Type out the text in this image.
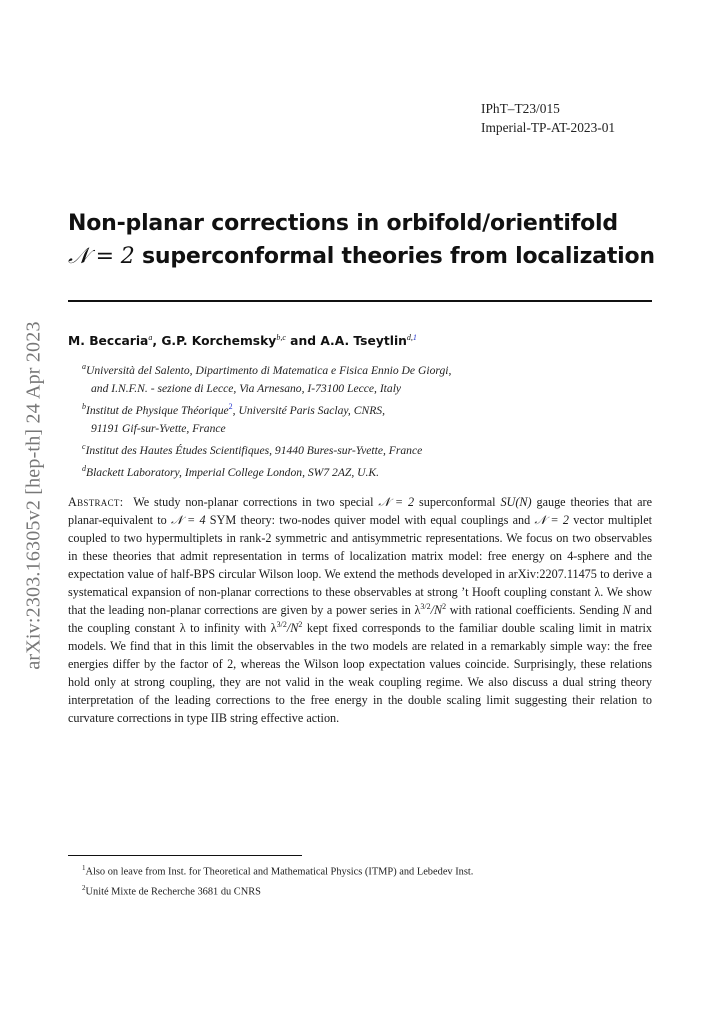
arXiv:2303.16305v2 [hep-th] 24 Apr 2023
IPhT–T23/015
Imperial-TP-AT-2023-01
Non-planar corrections in orbifold/orientifold
𝒩 = 2 superconformal theories from localization
M. Beccaria$^a$, G.P. Korchemsky$^{b,c}$ and A.A. Tseytlin$^{d,1}$
$^a$Università del Salento, Dipartimento di Matematica e Fisica Ennio De Giorgi,
and I.N.F.N. - sezione di Lecce, Via Arnesano, I-73100 Lecce, Italy
$^b$Institut de Physique Théorique$^2$, Université Paris Saclay, CNRS,
91191 Gif-sur-Yvette, France
$^c$Institut des Hautes Études Scientifiques, 91440 Bures-sur-Yvette, France
$^d$Blackett Laboratory, Imperial College London, SW7 2AZ, U.K.
Abstract: We study non-planar corrections in two special 𝒩 = 2 superconformal SU(N) gauge theories that are planar-equivalent to 𝒩 = 4 SYM theory: two-nodes quiver model with equal couplings and 𝒩 = 2 vector multiplet coupled to two hypermultiplets in rank-2 symmetric and antisymmetric representations. We focus on two observables in these theories that admit representation in terms of localization matrix model: free energy on 4-sphere and the expectation value of half-BPS circular Wilson loop. We extend the methods developed in arXiv:2207.11475 to derive a systematical expansion of non-planar corrections to these observables at strong ’t Hooft coupling constant λ. We show that the leading non-planar corrections are given by a power series in $\lambda^{3/2}/N^2$ with rational coefficients. Sending N and the coupling constant λ to infinity with $\lambda^{3/2}/N^2$ kept fixed corresponds to the familiar double scaling limit in matrix models. We find that in this limit the observables in the two models are related in a remarkably simple way: the free energies differ by the factor of 2, whereas the Wilson loop expectation values coincide. Surprisingly, these relations hold only at strong coupling, they are not valid in the weak coupling regime. We also discuss a dual string theory interpretation of the leading corrections to the free energy in the double scaling limit suggesting their relation to curvature corrections in type IIB string effective action.
$^1$Also on leave from Inst. for Theoretical and Mathematical Physics (ITMP) and Lebedev Inst.
$^2$Unité Mixte de Recherche 3681 du CNRS
